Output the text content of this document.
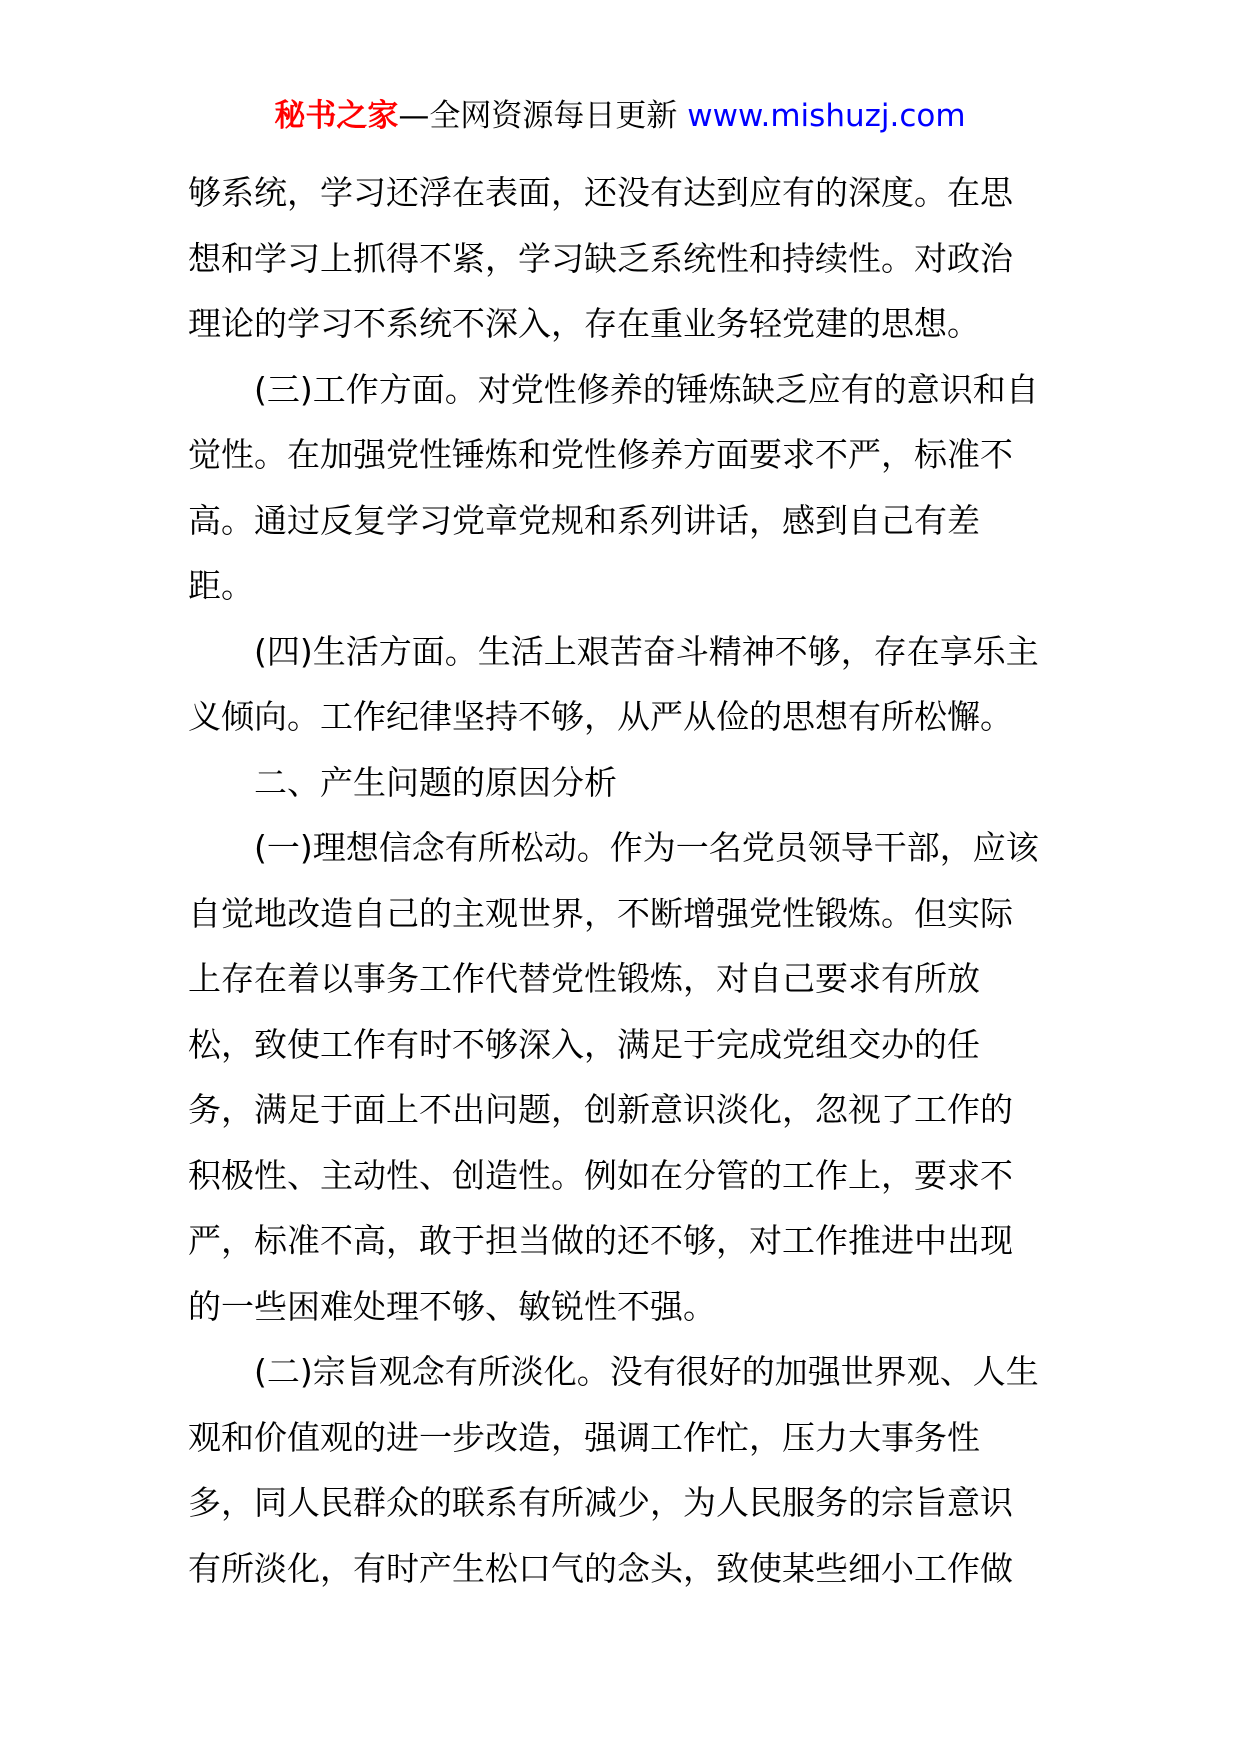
秘书之家—全网资源每日更新 www.mishuzj.com
够系统，学习还浮在表面，还没有达到应有的深度。在思
想和学习上抓得不紧，学习缺乏系统性和持续性。对政治
理论的学习不系统不深入，存在重业务轻党建的思想。
(三)工作方面。对党性修养的锤炼缺乏应有的意识和自
觉性。在加强党性锤炼和党性修养方面要求不严，标准不
高。通过反复学习党章党规和系列讲话，感到自己有差
距。
(四)生活方面。生活上艰苦奋斗精神不够，存在享乐主
义倾向。工作纪律坚持不够，从严从俭的思想有所松懈。
二、产生问题的原因分析
(一)理想信念有所松动。作为一名党员领导干部，应该
自觉地改造自己的主观世界，不断增强党性锻炼。但实际
上存在着以事务工作代替党性锻炼，对自己要求有所放
松，致使工作有时不够深入，满足于完成党组交办的任
务，满足于面上不出问题，创新意识淡化，忽视了工作的
积极性、主动性、创造性。例如在分管的工作上，要求不
严，标准不高，敢于担当做的还不够，对工作推进中出现
的一些困难处理不够、敏锐性不强。
(二)宗旨观念有所淡化。没有很好的加强世界观、人生
观和价值观的进一步改造，强调工作忙，压力大事务性
多，同人民群众的联系有所减少，为人民服务的宗旨意识
有所淡化，有时产生松口气的念头，致使某些细小工作做
